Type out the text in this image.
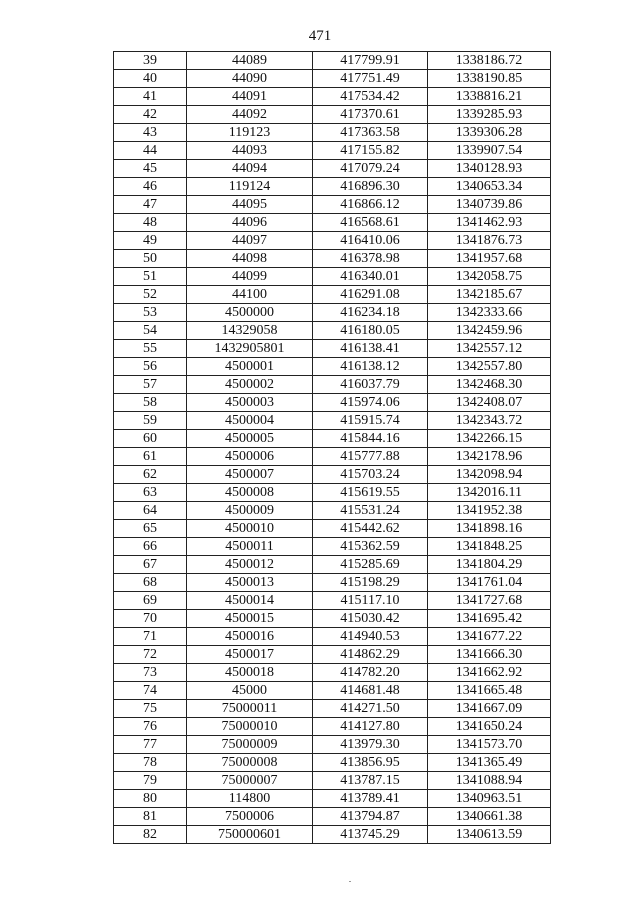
471
39	44089	417799.91	1338186.72
40	44090	417751.49	1338190.85
41	44091	417534.42	1338816.21
42	44092	417370.61	1339285.93
43	119123	417363.58	1339306.28
44	44093	417155.82	1339907.54
45	44094	417079.24	1340128.93
46	119124	416896.30	1340653.34
47	44095	416866.12	1340739.86
48	44096	416568.61	1341462.93
49	44097	416410.06	1341876.73
50	44098	416378.98	1341957.68
51	44099	416340.01	1342058.75
52	44100	416291.08	1342185.67
53	4500000	416234.18	1342333.66
54	14329058	416180.05	1342459.96
55	1432905801	416138.41	1342557.12
56	4500001	416138.12	1342557.80
57	4500002	416037.79	1342468.30
58	4500003	415974.06	1342408.07
59	4500004	415915.74	1342343.72
60	4500005	415844.16	1342266.15
61	4500006	415777.88	1342178.96
62	4500007	415703.24	1342098.94
63	4500008	415619.55	1342016.11
64	4500009	415531.24	1341952.38
65	4500010	415442.62	1341898.16
66	4500011	415362.59	1341848.25
67	4500012	415285.69	1341804.29
68	4500013	415198.29	1341761.04
69	4500014	415117.10	1341727.68
70	4500015	415030.42	1341695.42
71	4500016	414940.53	1341677.22
72	4500017	414862.29	1341666.30
73	4500018	414782.20	1341662.92
74	45000	414681.48	1341665.48
75	75000011	414271.50	1341667.09
76	75000010	414127.80	1341650.24
77	75000009	413979.30	1341573.70
78	75000008	413856.95	1341365.49
79	75000007	413787.15	1341088.94
80	114800	413789.41	1340963.51
81	7500006	413794.87	1340661.38
82	750000601	413745.29	1340613.59
